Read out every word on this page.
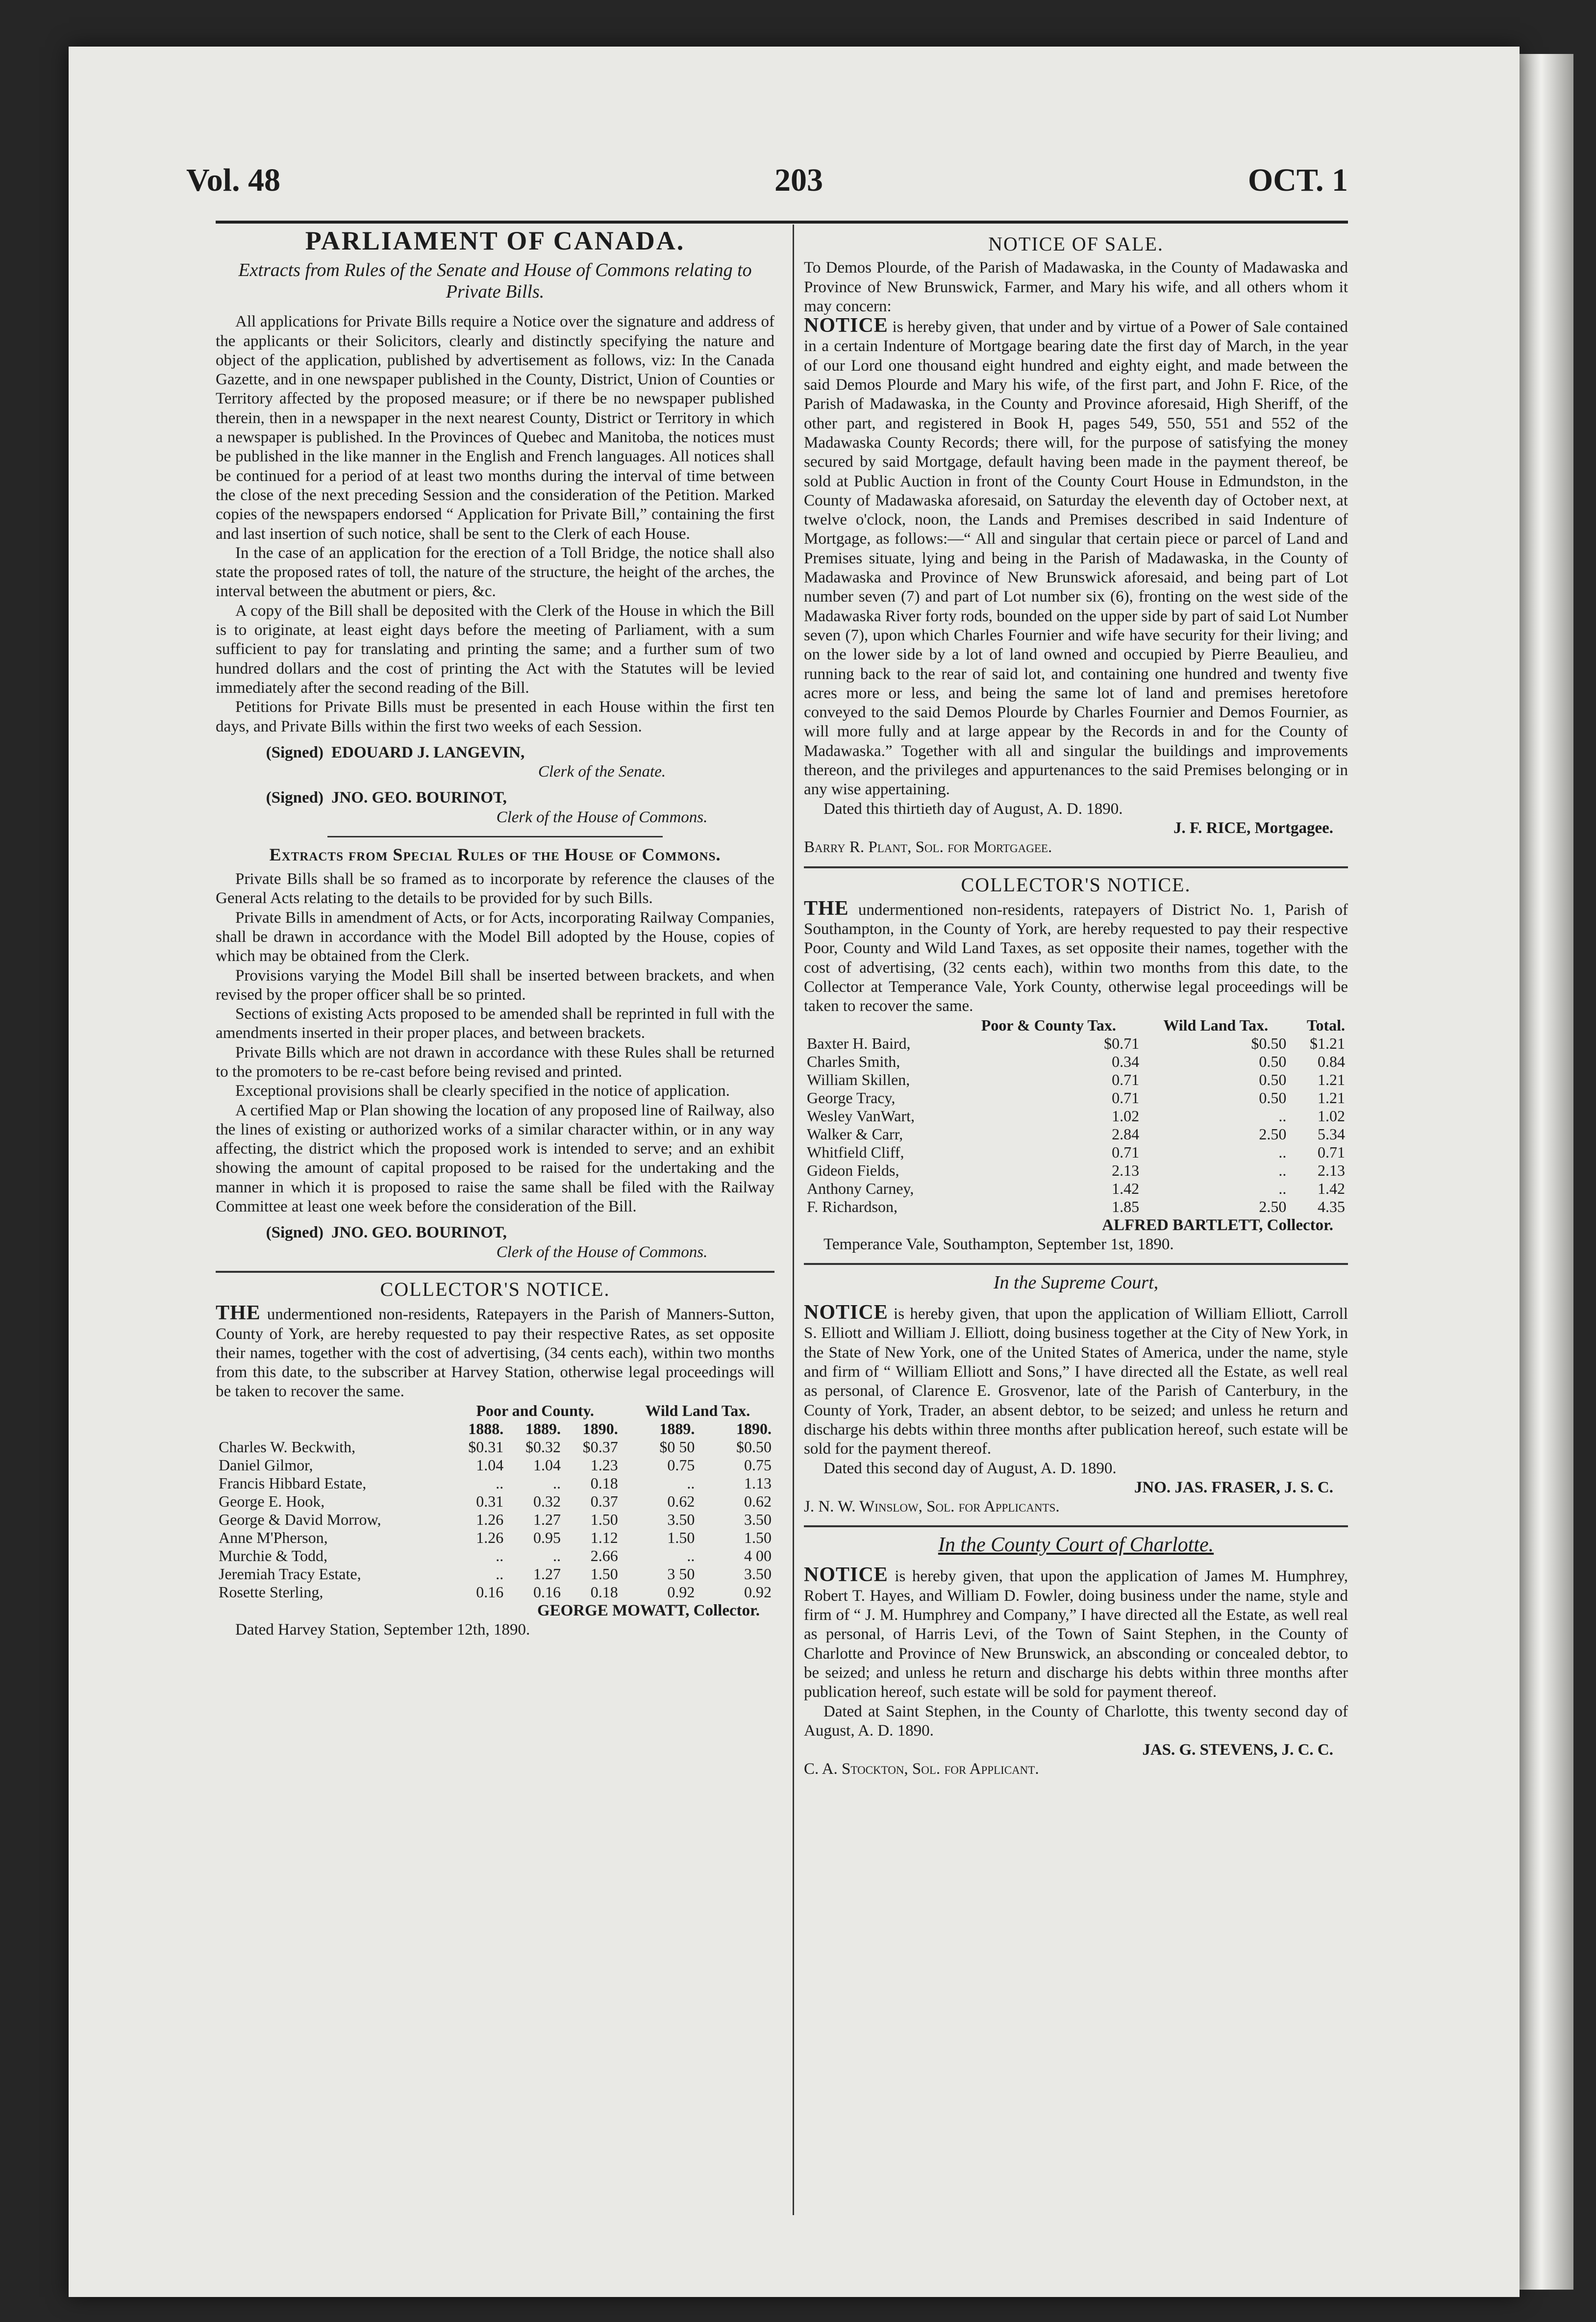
Vol. 48	203	OCT. 1
PARLIAMENT OF CANADA.
Extracts from Rules of the Senate and House of Commons relating to Private Bills.

All applications for Private Bills require a Notice over the signature and address of the applicants or their Solicitors, clearly and distinctly specifying the nature and object of the application, published by advertisement as follows, viz: In the Canada Gazette, and in one newspaper published in the County, District, Union of Counties or Territory affected by the proposed measure; or if there be no newspaper published therein, then in a newspaper in the next nearest County, District or Territory in which a newspaper is published. In the Provinces of Quebec and Manitoba, the notices must be published in the like manner in the English and French languages. All notices shall be continued for a period of at least two months during the interval of time between the close of the next preceding Session and the consideration of the Petition. Marked copies of the newspapers endorsed “ Application for Private Bill,” containing the first and last insertion of such notice, shall be sent to the Clerk of each House.

In the case of an application for the erection of a Toll Bridge, the notice shall also state the proposed rates of toll, the nature of the structure, the height of the arches, the interval between the abutment or piers, &c.

A copy of the Bill shall be deposited with the Clerk of the House in which the Bill is to originate, at least eight days before the meeting of Parliament, with a sum sufficient to pay for translating and printing the same; and a further sum of two hundred dollars and the cost of printing the Act with the Statutes will be levied immediately after the second reading of the Bill.

Petitions for Private Bills must be presented in each House within the first ten days, and Private Bills within the first two weeks of each Session.

(Signed) EDOUARD J. LANGEVIN,
Clerk of the Senate.
(Signed) JNO. GEO. BOURINOT,
Clerk of the House of Commons.
Extracts from Special Rules of the House of Commons.

Private Bills shall be so framed as to incorporate by reference the clauses of the General Acts relating to the details to be provided for by such Bills.

Private Bills in amendment of Acts, or for Acts, incorporating Railway Companies, shall be drawn in accordance with the Model Bill adopted by the House, copies of which may be obtained from the Clerk.

Provisions varying the Model Bill shall be inserted between brackets, and when revised by the proper officer shall be so printed.

Sections of existing Acts proposed to be amended shall be reprinted in full with the amendments inserted in their proper places, and between brackets.

Private Bills which are not drawn in accordance with these Rules shall be returned to the promoters to be re-cast before being revised and printed.

Exceptional provisions shall be clearly specified in the notice of application.

A certified Map or Plan showing the location of any proposed line of Railway, also the lines of existing or authorized works of a similar character within, or in any way affecting, the district which the proposed work is intended to serve; and an exhibit showing the amount of capital proposed to be raised for the undertaking and the manner in which it is proposed to raise the same shall be filed with the Railway Committee at least one week before the consideration of the Bill.

(Signed) JNO. GEO. BOURINOT,
Clerk of the House of Commons.
COLLECTOR'S NOTICE.

THE undermentioned non-residents, Ratepayers in the Parish of Manners-Sutton, County of York, are hereby requested to pay their respective Rates, as set opposite their names, together with the cost of advertising, (34 cents each), within two months from this date, to the subscriber at Harvey Station, otherwise legal proceedings will be taken to recover the same.

	Poor and County.			Wild Land Tax.	
	1888.	1889.	1890.	1889.	1890.
Charles W. Beckwith,	$0.31	$0.32	$0.37	$0 50	$0.50
Daniel Gilmor,	1.04	1.04	1.23	0.75	0.75
Francis Hibbard Estate,	..	..	0.18	..	1.13
George E. Hook,	0.31	0.32	0.37	0.62	0.62
George & David Morrow,	1.26	1.27	1.50	3.50	3.50
Anne M'Pherson,	1.26	0.95	1.12	1.50	1.50
Murchie & Todd,	..	..	2.66	..	4 00
Jeremiah Tracy Estate,	..	1.27	1.50	3 50	3.50
Rosette Sterling,	0.16	0.16	0.18	0.92	0.92
GEORGE MOWATT, Collector.

Dated Harvey Station, September 12th, 1890.

NOTICE OF SALE.

To Demos Plourde, of the Parish of Madawaska, in the County of Madawaska and Province of New Brunswick, Farmer, and Mary his wife, and all others whom it may concern:

NOTICE is hereby given, that under and by virtue of a Power of Sale contained in a certain Indenture of Mortgage bearing date the first day of March, in the year of our Lord one thousand eight hundred and eighty eight, and made between the said Demos Plourde and Mary his wife, of the first part, and John F. Rice, of the Parish of Madawaska, in the County and Province aforesaid, High Sheriff, of the other part, and registered in Book H, pages 549, 550, 551 and 552 of the Madawaska County Records; there will, for the purpose of satisfying the money secured by said Mortgage, default having been made in the payment thereof, be sold at Public Auction in front of the County Court House in Edmundston, in the County of Madawaska aforesaid, on Saturday the eleventh day of October next, at twelve o'clock, noon, the Lands and Premises described in said Indenture of Mortgage, as follows:—“ All and singular that certain piece or parcel of Land and Premises situate, lying and being in the Parish of Madawaska, in the County of Madawaska and Province of New Brunswick aforesaid, and being part of Lot number seven (7) and part of Lot number six (6), fronting on the west side of the Madawaska River forty rods, bounded on the upper side by part of said Lot Number seven (7), upon which Charles Fournier and wife have security for their living; and on the lower side by a lot of land owned and occupied by Pierre Beaulieu, and running back to the rear of said lot, and containing one hundred and twenty five acres more or less, and being the same lot of land and premises heretofore conveyed to the said Demos Plourde by Charles Fournier and Demos Fournier, as will more fully and at large appear by the Records in and for the County of Madawaska.” Together with all and singular the buildings and improvements thereon, and the privileges and appurtenances to the said Premises belonging or in any wise appertaining.

Dated this thirtieth day of August, A. D. 1890.

J. F. RICE, Mortgagee.
Barry R. Plant, Sol. for Mortgagee.
COLLECTOR'S NOTICE.

THE undermentioned non-residents, ratepayers of District No. 1, Parish of Southampton, in the County of York, are hereby requested to pay their respective Poor, County and Wild Land Taxes, as set opposite their names, together with the cost of advertising, (32 cents each), within two months from this date, to the Collector at Temperance Vale, York County, otherwise legal proceedings will be taken to recover the same.

	Poor & County Tax.	Wild Land Tax.	Total.
Baxter H. Baird,	$0.71	$0.50	$1.21
Charles Smith,	0.34	0.50	0.84
William Skillen,	0.71	0.50	1.21
George Tracy,	0.71	0.50	1.21
Wesley VanWart,	1.02	..	1.02
Walker & Carr,	2.84	2.50	5.34
Whitfield Cliff,	0.71	..	0.71
Gideon Fields,	2.13	..	2.13
Anthony Carney,	1.42	..	1.42
F. Richardson,	1.85	2.50	4.35
ALFRED BARTLETT, Collector.

Temperance Vale, Southampton, September 1st, 1890.

In the Supreme Court,

NOTICE is hereby given, that upon the application of William Elliott, Carroll S. Elliott and William J. Elliott, doing business together at the City of New York, in the State of New York, one of the United States of America, under the name, style and firm of “ William Elliott and Sons,” I have directed all the Estate, as well real as personal, of Clarence E. Grosvenor, late of the Parish of Canterbury, in the County of York, Trader, an absent debtor, to be seized; and unless he return and discharge his debts within three months after publication hereof, such estate will be sold for the payment thereof.

Dated this second day of August, A. D. 1890.

JNO. JAS. FRASER, J. S. C.
J. N. W. Winslow, Sol. for Applicants.
In the County Court of Charlotte.

NOTICE is hereby given, that upon the application of James M. Humphrey, Robert T. Hayes, and William D. Fowler, doing business under the name, style and firm of “ J. M. Humphrey and Company,” I have directed all the Estate, as well real as personal, of Harris Levi, of the Town of Saint Stephen, in the County of Charlotte and Province of New Brunswick, an absconding or concealed debtor, to be seized; and unless he return and discharge his debts within three months after publication hereof, such estate will be sold for payment thereof.

Dated at Saint Stephen, in the County of Charlotte, this twenty second day of August, A. D. 1890.

JAS. G. STEVENS, J. C. C.
C. A. Stockton, Sol. for Applicant.
